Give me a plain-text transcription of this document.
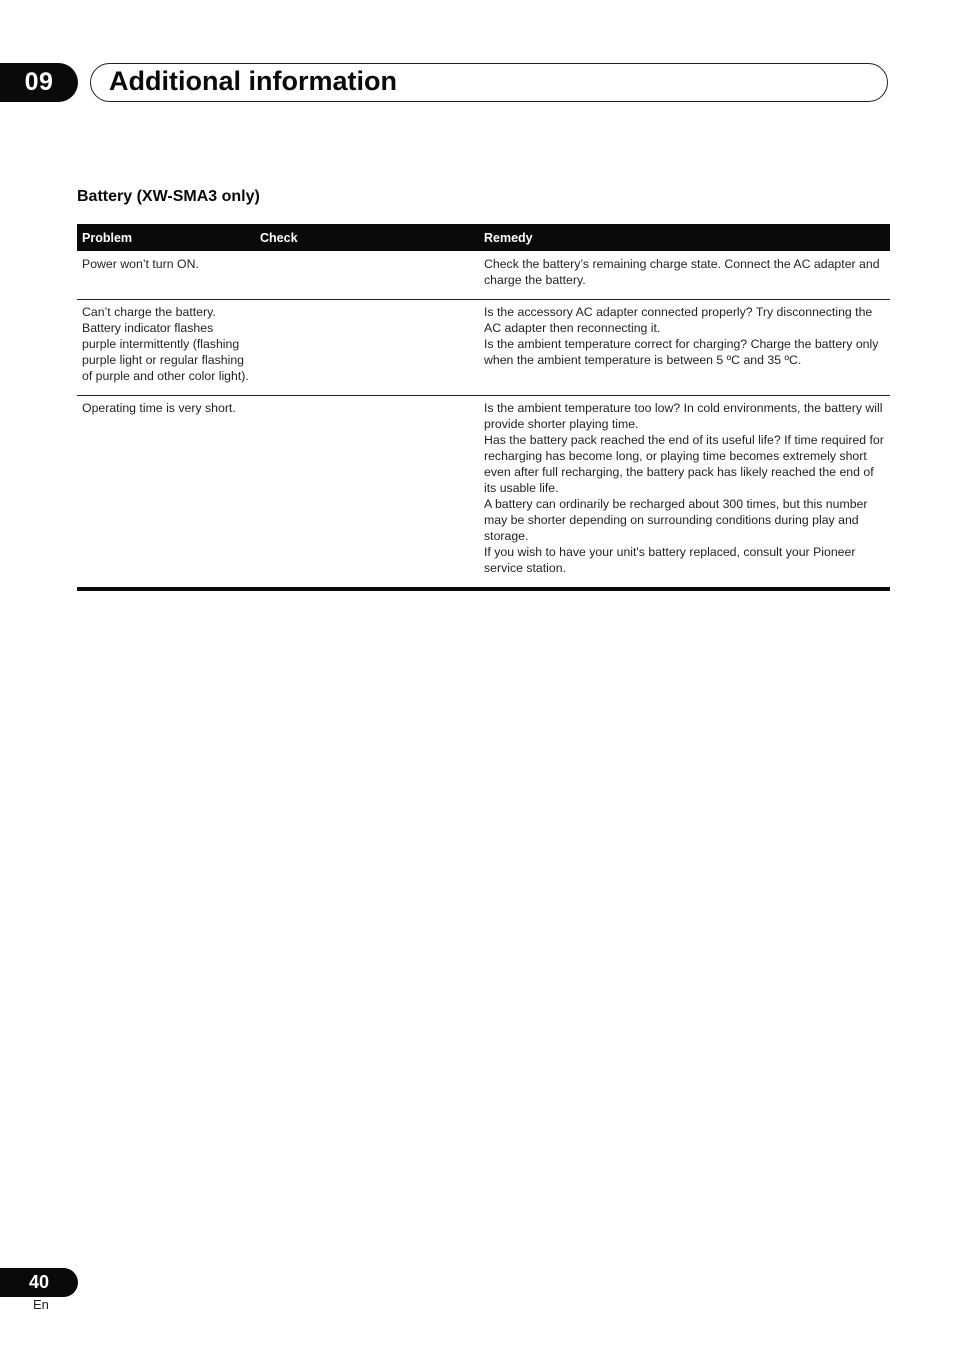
09 Additional information
Battery (XW-SMA3 only)
Problem	Check	Remedy

Power won’t turn ON.		Check the battery’s remaining charge state. Connect the AC adapter and charge the battery.

Can’t charge the battery.
Battery indicator flashes purple intermittently (flashing purple light or regular flashing of purple and other color light).		Is the accessory AC adapter connected properly? Try disconnecting the AC adapter then reconnecting it.
Is the ambient temperature correct for charging? Charge the battery only when the ambient temperature is between 5 ºC and 35 ºC.

Operating time is very short.		Is the ambient temperature too low? In cold environments, the battery will provide shorter playing time.
Has the battery pack reached the end of its useful life? If time required for recharging has become long, or playing time becomes extremely short even after full recharging, the battery pack has likely reached the end of its usable life.
A battery can ordinarily be recharged about 300 times, but this number may be shorter depending on surrounding conditions during play and storage.
If you wish to have your unit's battery replaced, consult your Pioneer service station.
40
En
